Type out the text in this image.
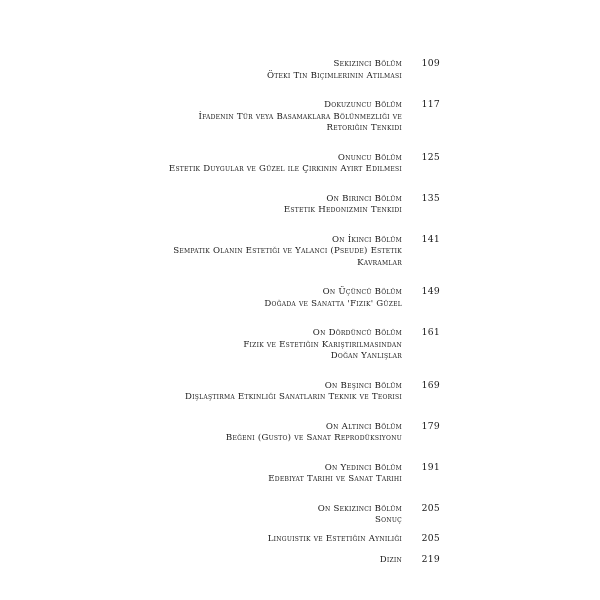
Sekizinci Bölüm	109
Öteki Tin Biçimlerinin Atılması
Dokuzuncu Bölüm	117
İfadenin Tür veya Basamaklara Bölünmezliği ve
Retoriğin Tenkidi
Onuncu Bölüm	125
Estetik Duygular ve Güzel ile Çirkinin Ayırt Edilmesi
On Birinci Bölüm	135
Estetik Hedonizmin Tenkidi
On İkinci Bölüm	141
Sempatik Olanın Estetiği ve Yalancı (Pseude) Estetik
Kavramlar
On Üçüncü Bölüm	149
Doğada ve Sanatta 'Fizik' Güzel
On Dördüncü Bölüm	161
Fizik ve Estetiğin Karıştırılmasından
Doğan Yanlışlar
On Beşinci Bölüm	169
Dışlaştırma Etkinliği Sanatların Teknik ve Teorisi
On Altıncı Bölüm	179
Beğeni (Gusto) ve Sanat Reprodüksiyonu
On Yedinci Bölüm	191
Edebiyat Tarihi ve Sanat Tarihi
On Sekizinci Bölüm	205
Sonuç
Linguistik ve Estetiğin Aynılığı	205
Dizin	219
